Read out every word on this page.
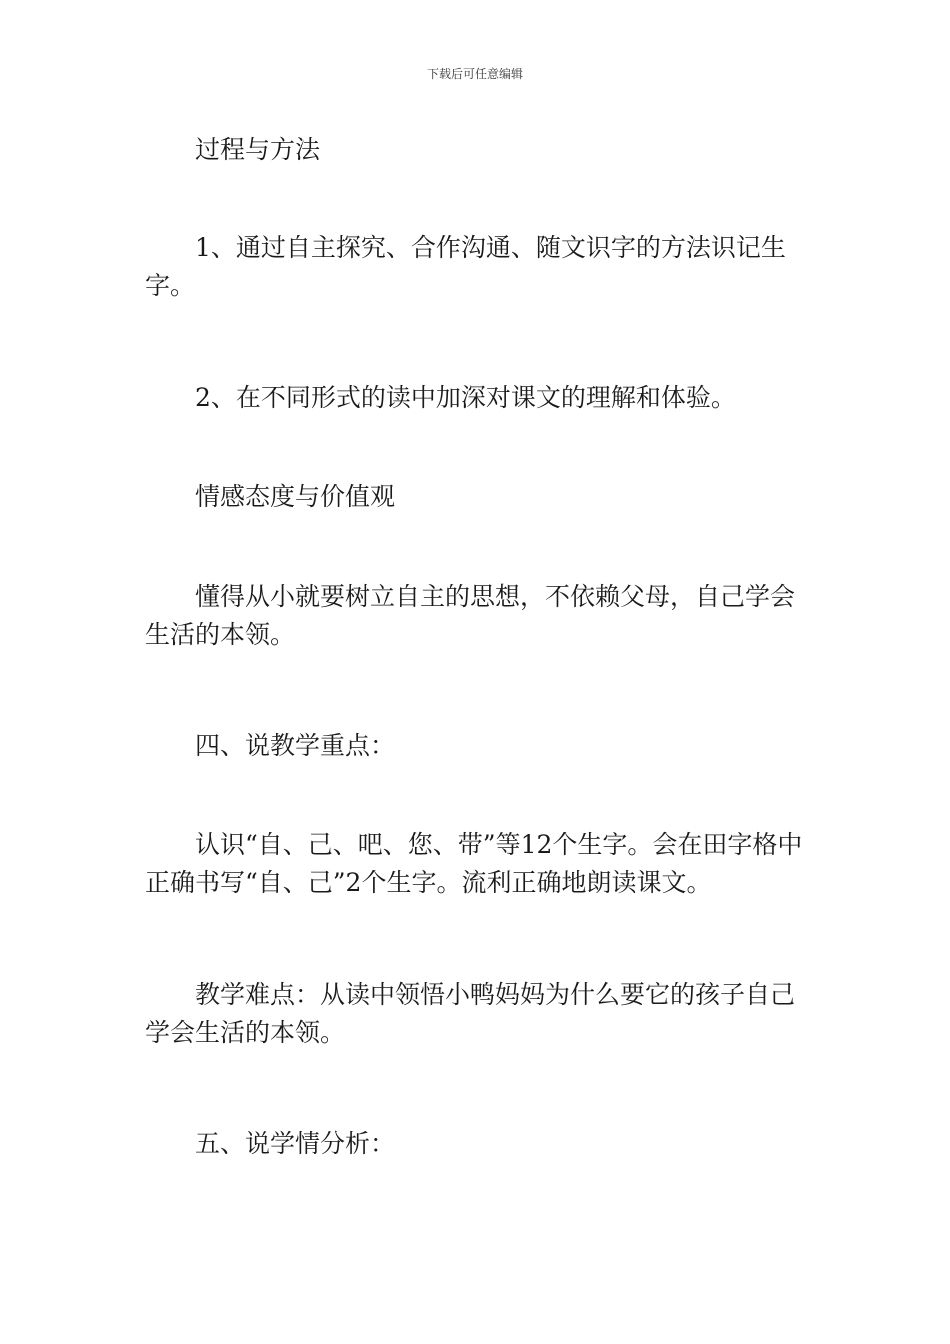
下载后可任意编辑

过程与方法

1、通过自主探究、合作沟通、随文识字的方法识记生字。

2、在不同形式的读中加深对课文的理解和体验。

情感态度与价值观

懂得从小就要树立自主的思想，不依赖父母，自己学会生活的本领。

四、说教学重点：

认识“自、己、吧、您、带”等12个生字。会在田字格中正确书写“自、己”2个生字。流利正确地朗读课文。

教学难点：从读中领悟小鸭妈妈为什么要它的孩子自己学会生活的本领。

五、说学情分析：
